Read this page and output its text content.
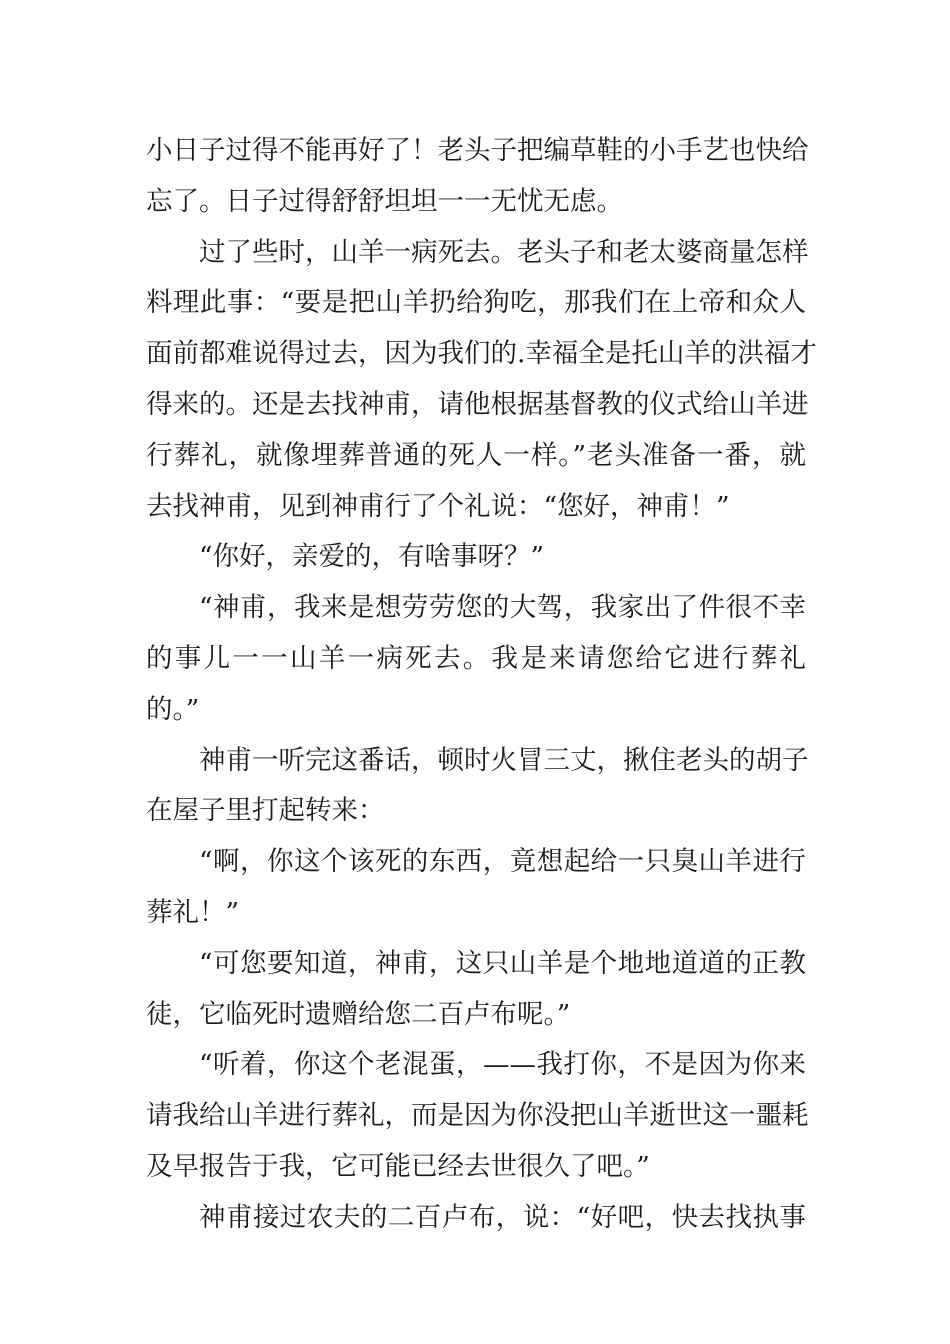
小日子过得不能再好了！老头子把编草鞋的小手艺也快给
忘了。日子过得舒舒坦坦一一无忧无虑。
过了些时，山羊一病死去。老头子和老太婆商量怎样
料理此事：“要是把山羊扔给狗吃，那我们在上帝和众人
面前都难说得过去，因为我们的.幸福全是托山羊的洪福才
得来的。还是去找神甫，请他根据基督教的仪式给山羊进
行葬礼，就像埋葬普通的死人一样。”老头准备一番，就
去找神甫，见到神甫行了个礼说：“您好，神甫！”
“你好，亲爱的，有啥事呀？”
“神甫，我来是想劳劳您的大驾，我家出了件很不幸
的事儿一一山羊一病死去。我是来请您给它进行葬礼
的。”
神甫一听完这番话，顿时火冒三丈，揪住老头的胡子
在屋子里打起转来：
“啊，你这个该死的东西，竟想起给一只臭山羊进行
葬礼！”
“可您要知道，神甫，这只山羊是个地地道道的正教
徒，它临死时遗赠给您二百卢布呢。”
“听着，你这个老混蛋，——我打你，不是因为你来
请我给山羊进行葬礼，而是因为你没把山羊逝世这一噩耗
及早报告于我，它可能已经去世很久了吧。”
神甫接过农夫的二百卢布，说：“好吧，快去找执事
